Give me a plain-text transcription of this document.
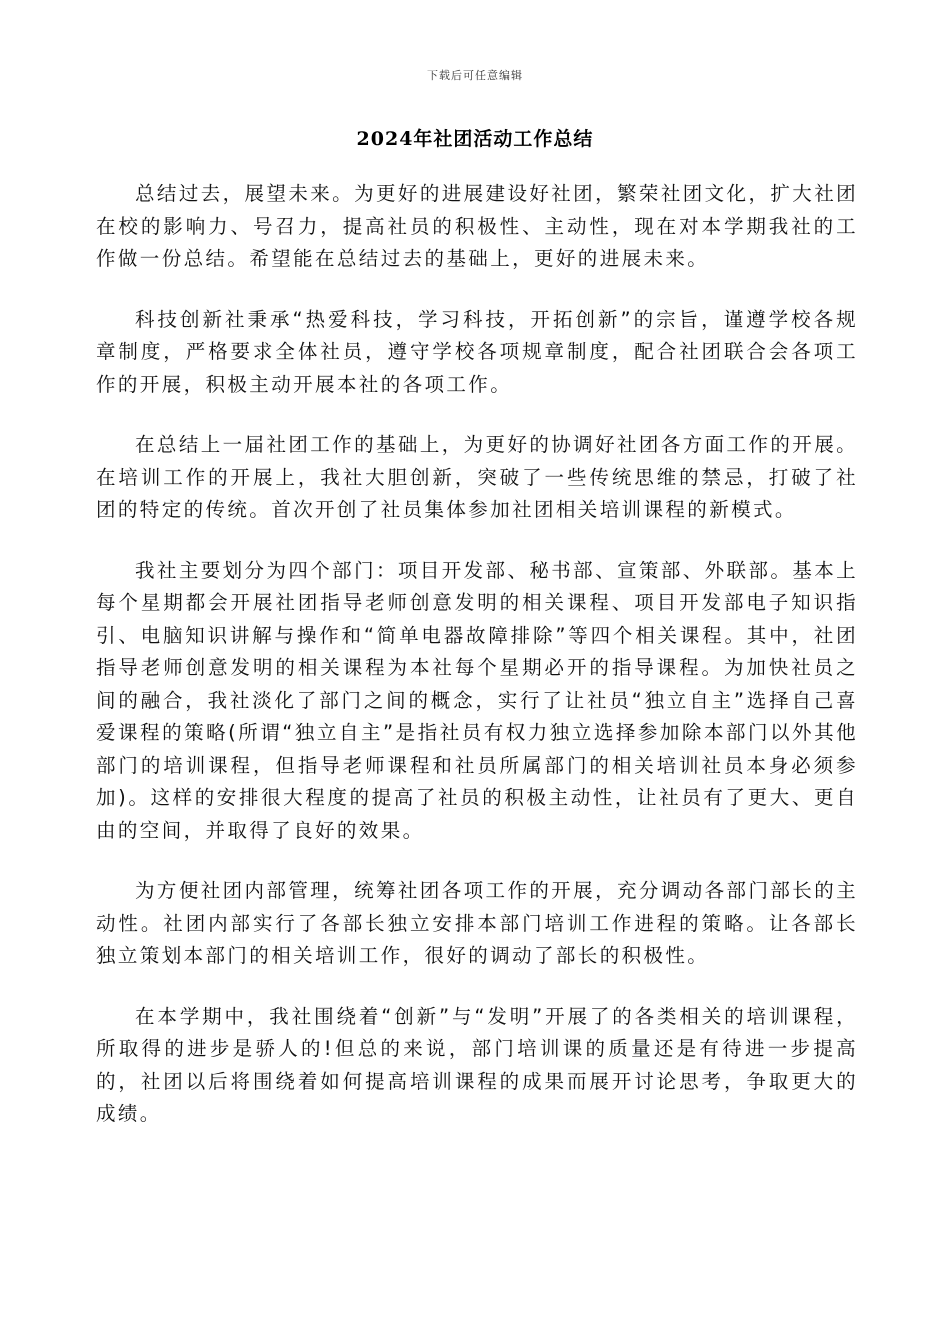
下载后可任意编辑
2024年社团活动工作总结

总结过去，展望未来。为更好的进展建设好社团，繁荣社团文化，扩大社团在校的影响力、号召力，提高社员的积极性、主动性，现在对本学期我社的工作做一份总结。希望能在总结过去的基础上，更好的进展未来。

科技创新社秉承“热爱科技，学习科技，开拓创新”的宗旨，谨遵学校各规章制度，严格要求全体社员，遵守学校各项规章制度，配合社团联合会各项工作的开展，积极主动开展本社的各项工作。

在总结上一届社团工作的基础上，为更好的协调好社团各方面工作的开展。在培训工作的开展上，我社大胆创新，突破了一些传统思维的禁忌，打破了社团的特定的传统。首次开创了社员集体参加社团相关培训课程的新模式。

我社主要划分为四个部门：项目开发部、秘书部、宣策部、外联部。基本上每个星期都会开展社团指导老师创意发明的相关课程、项目开发部电子知识指引、电脑知识讲解与操作和“简单电器故障排除”等四个相关课程。其中，社团指导老师创意发明的相关课程为本社每个星期必开的指导课程。为加快社员之间的融合，我社淡化了部门之间的概念，实行了让社员“独立自主”选择自己喜爱课程的策略(所谓“独立自主”是指社员有权力独立选择参加除本部门以外其他部门的培训课程，但指导老师课程和社员所属部门的相关培训社员本身必须参加)。这样的安排很大程度的提高了社员的积极主动性，让社员有了更大、更自由的空间，并取得了良好的效果。

为方便社团内部管理，统筹社团各项工作的开展，充分调动各部门部长的主动性。社团内部实行了各部长独立安排本部门培训工作进程的策略。让各部长独立策划本部门的相关培训工作，很好的调动了部长的积极性。

在本学期中，我社围绕着“创新”与“发明”开展了的各类相关的培训课程，所取得的进步是骄人的!但总的来说，部门培训课的质量还是有待进一步提高的，社团以后将围绕着如何提高培训课程的成果而展开讨论思考，争取更大的成绩。
